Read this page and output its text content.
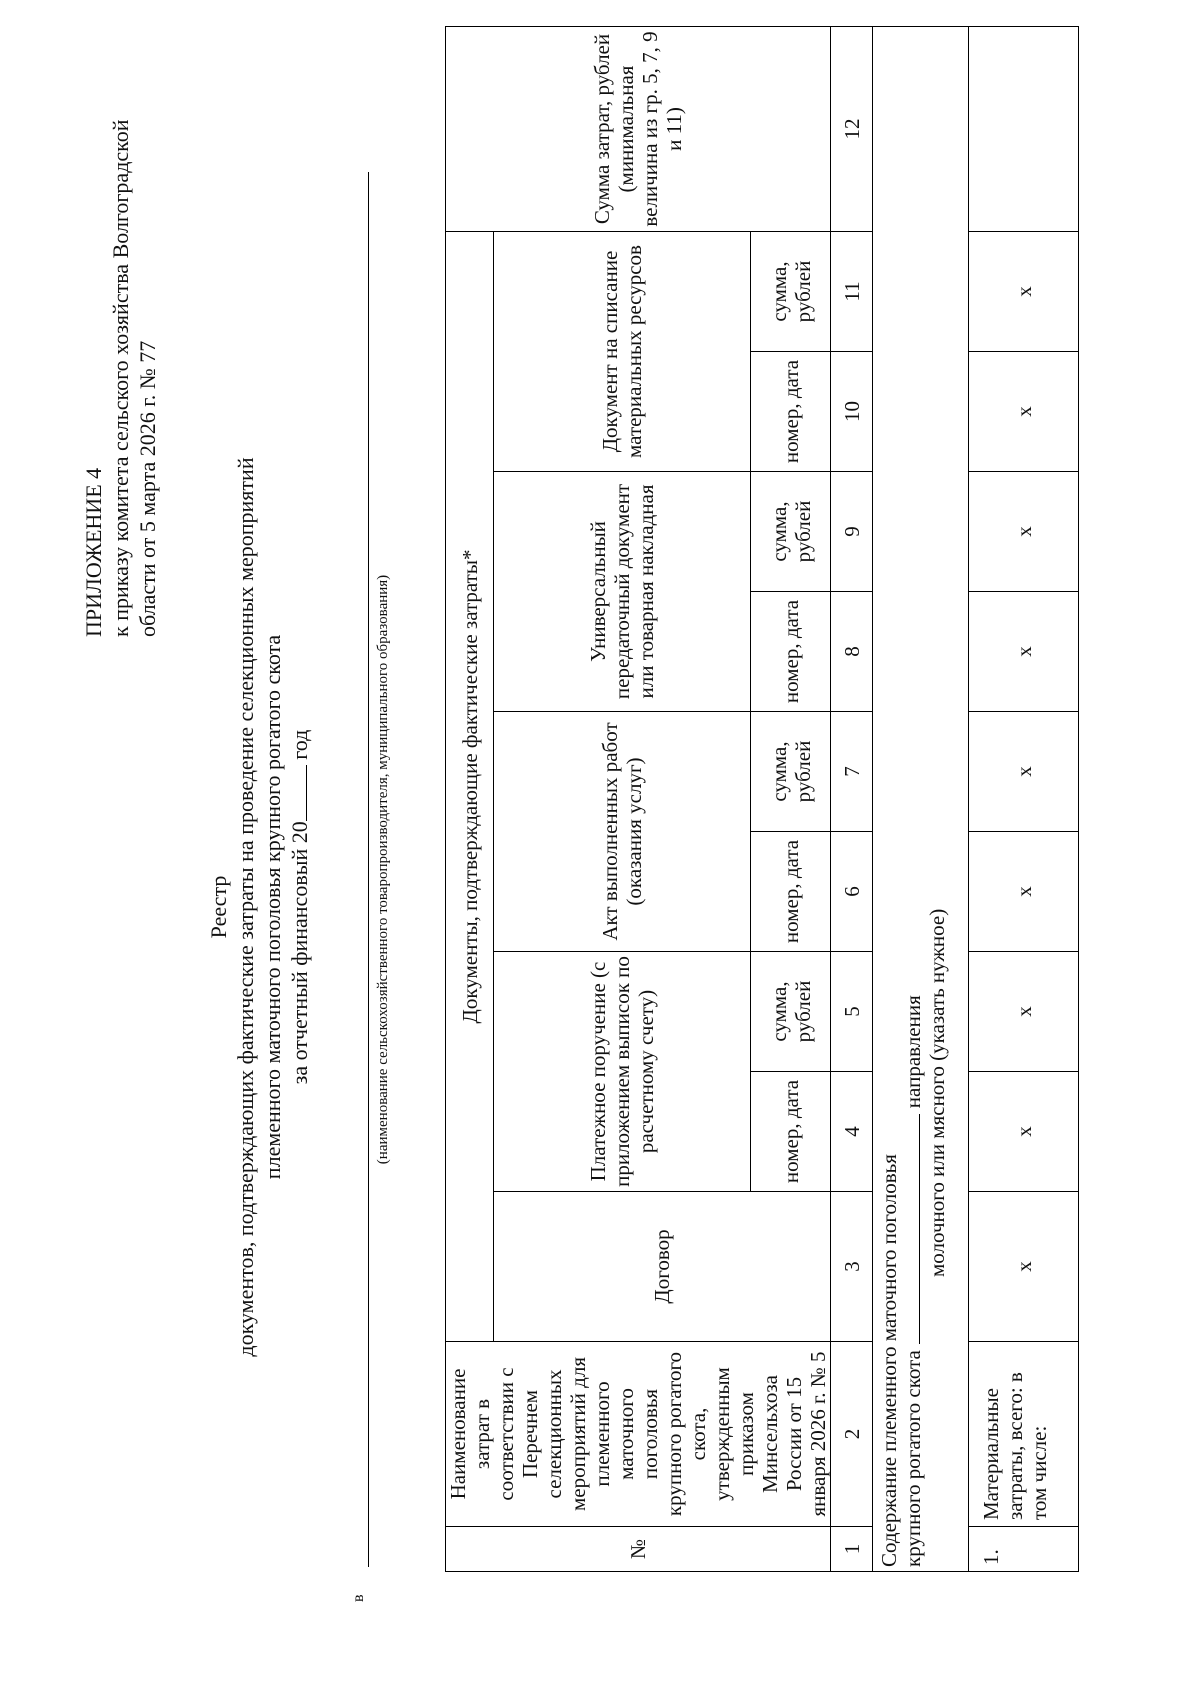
ПРИЛОЖЕНИЕ 4 к приказу комитета сельского хозяйства Волгоградской области от 5 марта 2026 г. № 77
Реестр документов, подтверждающих фактические затраты на проведение селекционных мероприятий племенного маточного поголовья крупного рогатого скота за отчетный финансовый 20 год
в
(наименование сельскохозяйственного товаропроизводителя, муниципального образования)
№	Наименование затрат в соответствии с Перечнем селекционных мероприятий для племенного маточного поголовья крупного рогатого скота, утвержденным приказом Минсельхоза России от 15 января 2026 г. № 5	Документы, подтверждающие фактические затраты*									Сумма затрат, рублей (минимальная величина из гр. 5, 7, 9 и 11)
		Договор	Платежное поручение (с приложением выписок по расчетному счету)		Акт выполненных работ (оказания услуг)		Универсальный передаточный документ или товарная накладная		Документ на списание материальных ресурсов		
			номер, дата	сумма, рублей	номер, дата	сумма, рублей	номер, дата	сумма, рублей	номер, дата	сумма, рублей	
1	2	3	4	5	6	7	8	9	10	11	12

Содержание племенного маточного поголовья крупного рогатого скотанаправления молочного или мясного (указать нужное)											

1.	Материальные затраты, всего: в том числе:	x	x	x	x	x	x	x	x	x	
